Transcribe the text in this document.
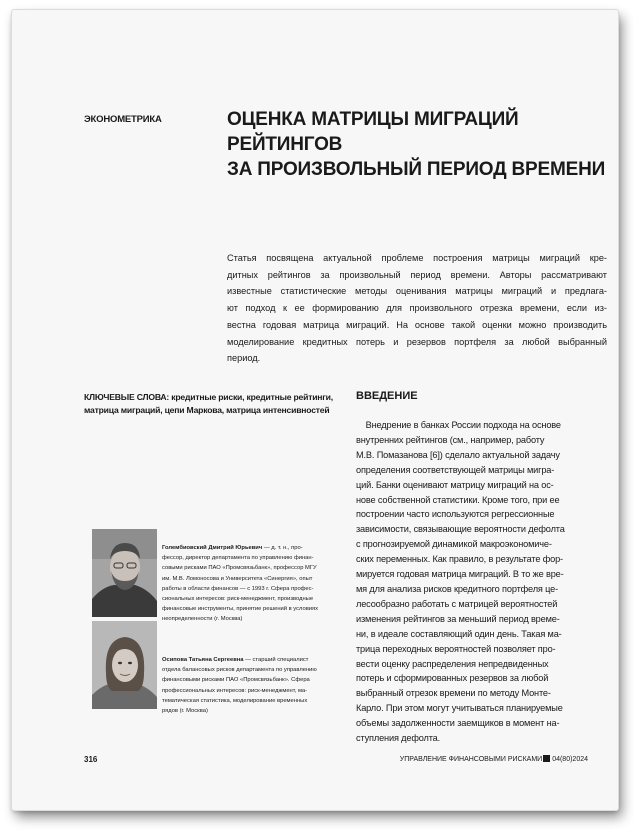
ЭКОНОМЕТРИКА	ОЦЕНКА МАТРИЦЫ МИГРАЦИЙ РЕЙТИНГОВ
ЗА ПРОИЗВОЛЬНЫЙ ПЕРИОД ВРЕМЕНИ
Статья посвящена актуальной проблеме построения матрицы миграций кре-
дитных рейтингов за произвольный период времени. Авторы рассматривают
известные статистические методы оценивания матрицы миграций и предлага-
ют подход к ее формированию для произвольного отрезка времени, если из-
вестна годовая матрица миграций. На основе такой оценки можно производить
моделирование кредитных потерь и резервов портфеля за любой выбранный
период.
КЛЮЧЕВЫЕ СЛОВА: кредитные риски, кредитные рейтинги,
матрица миграций, цепи Маркова, матрица интенсивностей
ВВЕДЕНИЕ
Внедрение в банках России подхода на основе
внутренних рейтингов (см., например, работу
М.В. Помазанова [6]) сделало актуальной задачу
определения соответствующей матрицы мигра-
ций. Банки оценивают матрицу миграций на ос-
нове собственной статистики. Кроме того, при ее
построении часто используются регрессионные
зависимости, связывающие вероятности дефолта
с прогнозируемой динамикой макроэкономиче-
ских переменных. Как правило, в результате фор-
мируется годовая матрица миграций. В то же вре-
мя для анализа рисков кредитного портфеля це-
лесообразно работать с матрицей вероятностей
изменения рейтингов за меньший период време-
ни, в идеале составляющий один день. Такая ма-
трица переходных вероятностей позволяет про-
вести оценку распределения непредвиденных
потерь и сформированных резервов за любой
выбранный отрезок времени по методу Монте-
Карло. При этом могут учитываться планируемые
объемы задолженности заемщиков в момент на-
ступления дефолта.
Голембиовский Дмитрий Юрьевич — д. т. н., про-
фессор, директор департамента по управлению финан-
совыми рисками ПАО «Промсвязьбанк», профессор МГУ
им. М.В. Ломоносова и Университета «Синергия», опыт
работы в области финансов — с 1993 г. Сфера профес-
сиональных интересов: риск-менеджмент, производные
финансовые инструменты, принятие решений в условиях
неопределенности (г. Москва)
Осипова Татьяна Сергеевна — старший специалист
отдела балансовых рисков департамента по управлению
финансовыми рисками ПАО «Промсвязьбанк». Сфера
профессиональных интересов: риск-менеджмент, ма-
тематическая статистика, моделирование временных
рядов (г. Москва)
316	УПРАВЛЕНИЕ ФИНАНСОВЫМИ РИСКАМИ 04(80)2024
